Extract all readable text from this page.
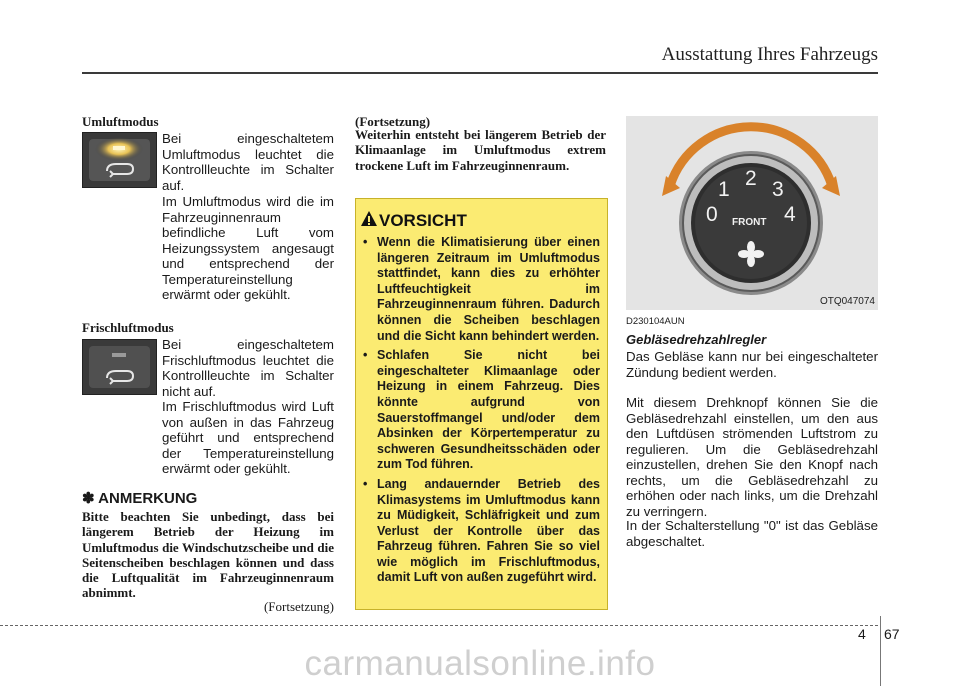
Ausstattung Ihres Fahrzeugs
Umluftmodus
Bei eingeschaltetem Umluftmodus leuchtet die Kontrollleuchte im Schalter auf.
Im Umluftmodus wird die im Fahrzeuginnenraum befindliche Luft vom Heizungssystem angesaugt und entsprechend der Temperatureinstellung erwärmt oder gekühlt.
Frischluftmodus
Bei eingeschaltetem Frischluftmodus leuchtet die Kontrollleuchte im Schalter nicht auf.
Im Frischluftmodus wird Luft von außen in das Fahrzeug geführt und entsprechend der Temperatureinstellung erwärmt oder gekühlt.
✽ ANMERKUNG
Bitte beachten Sie unbedingt, dass bei längerem Betrieb der Heizung im Umluftmodus die Windschutzscheibe und die Seitenscheiben beschlagen können und dass die Luftqualität im Fahrzeuginnenraum abnimmt.
(Fortsetzung)
(Fortsetzung)
Weiterhin entsteht bei längerem Betrieb der Klimaanlage im Umluftmodus extrem trockene Luft im Fahrzeuginnenraum.
VORSICHT
• Wenn die Klimatisierung über einen längeren Zeitraum im Umluftmodus stattfindet, kann dies zu erhöhter Luftfeuchtigkeit im Fahrzeuginnenraum führen. Dadurch können die Scheiben beschlagen und die Sicht kann behindert werden.
• Schlafen Sie nicht bei eingeschalteter Klimaanlage oder Heizung in einem Fahrzeug. Dies könnte aufgrund von Sauerstoffmangel und/oder dem Absinken der Körpertemperatur zu schweren Gesundheitsschäden oder zum Tod führen.
• Lang andauernder Betrieb des Klimasystems im Umluftmodus kann zu Müdigkeit, Schläfrigkeit und zum Verlust der Kontrolle über das Fahrzeug führen. Fahren Sie so viel wie möglich im Frischluftmodus, damit Luft von außen zugeführt wird.
0
1 2 3
4
FRONT
OTQ047074
D230104AUN
Gebläsedrehzahlregler
Das Gebläse kann nur bei eingeschalteter Zündung bedient werden.
Mit diesem Drehknopf können Sie die Gebläsedrehzahl einstellen, um den aus den Luftdüsen strömenden Luftstrom zu regulieren. Um die Gebläsedrehzahl einzustellen, drehen Sie den Knopf nach rechts, um die Gebläsedrehzahl zu erhöhen oder nach links, um die Drehzahl zu verringern.
In der Schalterstellung "0" ist das Gebläse abgeschaltet.
4 67
carmanualsonline.info
